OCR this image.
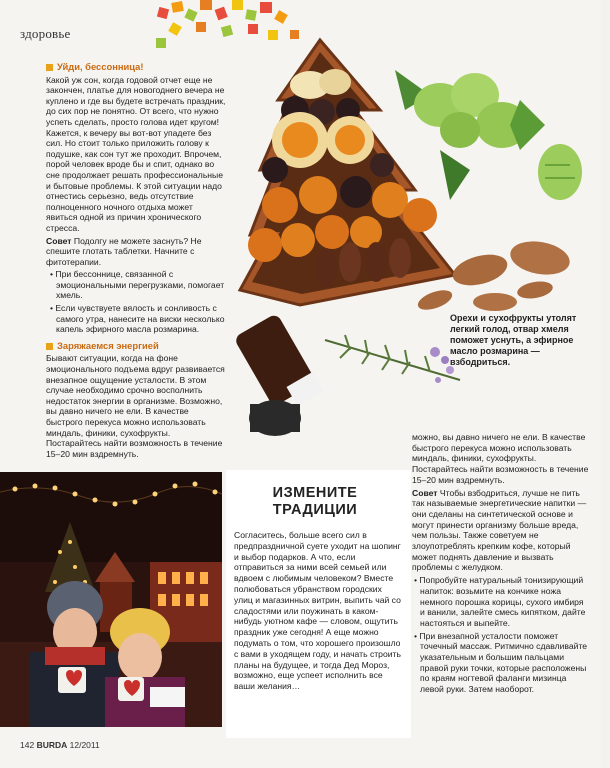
здоровье
Уйди, бессонница!

Какой уж сон, когда годовой отчет еще не закончен, платье для новогоднего вечера не куплено и где вы будете встречать праздник, до сих пор не понятно. От всего, что нужно успеть сделать, просто голова идет кругом! Кажется, к вечеру вы вот-вот упадете без сил. Но стоит только приложить голову к подушке, как сон тут же проходит. Впрочем, порой человек вроде бы и спит, однако во сне продолжает решать профессиональные и бытовые проблемы. К этой ситуации надо отнестись серьезно, ведь отсутствие полноценного ночного отдыха может явиться одной из причин хронического стресса.

Совет Подолгу не можете заснуть? Не спешите глотать таблетки. Начните с фитотерапии.

• При бессоннице, связанной с эмоциональными перегрузками, помогает хмель.

• Если чувствуете вялость и сонливость с самого утра, нанесите на виски несколько капель эфирного масла розмарина.

Заряжаемся энергией

Бывают ситуации, когда на фоне эмоционального подъема вдруг развивается внезапное ощущение усталости. В этом случае необходимо срочно восполнить недостаток энергии в организме. Возможно, вы давно ничего не ели. В качестве быстрого перекуса можно использовать миндаль, финики, сухофрукты. Постарайтесь найти возможность в течение 15–20 мин вздремнуть.

Орехи и сухофрукты утолят легкий голод, отвар хмеля поможет уснуть, а эфирное масло розмарина — взбодриться.

можно, вы давно ничего не ели. В качестве быстрого перекуса можно использовать миндаль, финики, сухофрукты. Постарайтесь найти возможность в течение 15–20 мин вздремнуть.

Совет Чтобы взбодриться, лучше не пить так называемые энергетические напитки — они сделаны на синтетической основе и могут принести организму больше вреда, чем пользы. Также советуем не злоупотреблять крепким кофе, который может поднять давление и вызвать проблемы с желудком.

• Попробуйте натуральный тонизирующий напиток: возьмите на кончике ножа немного порошка корицы, сухого имбиря и ванили, залейте смесь кипятком, дайте настояться и выпейте.

• При внезапной усталости поможет точечный массаж. Ритмично сдавливайте указательным и большим пальцами правой руки точки, которые расположены по краям ногтевой фаланги мизинца левой руки. Затем наоборот.

ИЗМЕНИТЕ ТРАДИЦИИ
Согласитесь, больше всего сил в предпраздничной суете уходит на шопинг и выбор подарков. А что, если отправиться за ними всей семьей или вдвоем с любимым человеком? Вместе полюбоваться убранством городских улиц и магазинных витрин, выпить чай со сладостями или поужинать в каком-нибудь уютном кафе — словом, ощутить праздник уже сегодня! А еще можно подумать о том, что хорошего произошло с вами в уходящем году, и начать строить планы на будущее, и тогда Дед Мороз, возможно, еще успеет исполнить все ваши желания…
142 BURDA 12/2011
